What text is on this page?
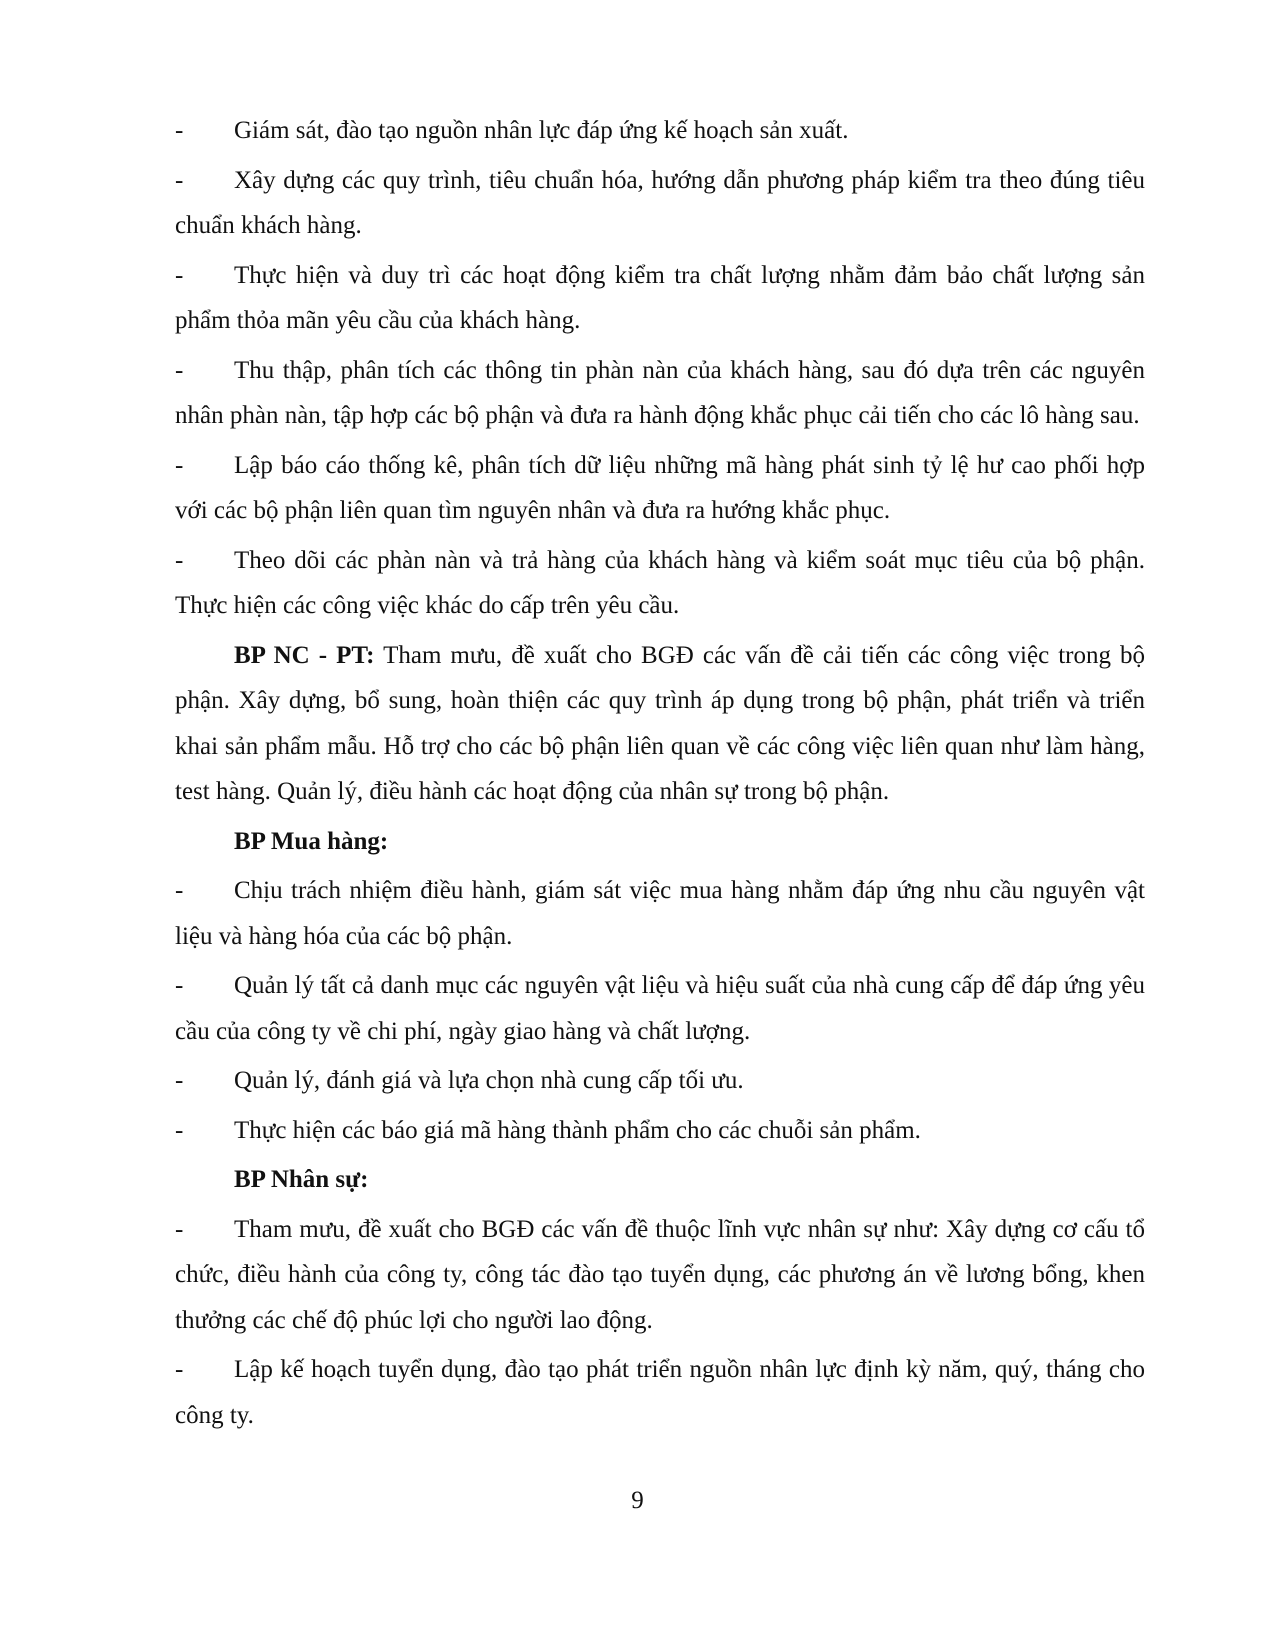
- Giám sát, đào tạo nguồn nhân lực đáp ứng kế hoạch sản xuất.

- Xây dựng các quy trình, tiêu chuẩn hóa, hướng dẫn phương pháp kiểm tra theo đúng tiêu chuẩn khách hàng.

- Thực hiện và duy trì các hoạt động kiểm tra chất lượng nhằm đảm bảo chất lượng sản phẩm thỏa mãn yêu cầu của khách hàng.

- Thu thập, phân tích các thông tin phàn nàn của khách hàng, sau đó dựa trên các nguyên nhân phàn nàn, tập hợp các bộ phận và đưa ra hành động khắc phục cải tiến cho các lô hàng sau.

- Lập báo cáo thống kê, phân tích dữ liệu những mã hàng phát sinh tỷ lệ hư cao phối hợp với các bộ phận liên quan tìm nguyên nhân và đưa ra hướng khắc phục.

- Theo dõi các phàn nàn và trả hàng của khách hàng và kiểm soát mục tiêu của bộ phận. Thực hiện các công việc khác do cấp trên yêu cầu.

BP NC - PT: Tham mưu, đề xuất cho BGĐ các vấn đề cải tiến các công việc trong bộ phận. Xây dựng, bổ sung, hoàn thiện các quy trình áp dụng trong bộ phận, phát triển và triển khai sản phẩm mẫu. Hỗ trợ cho các bộ phận liên quan về các công việc liên quan như làm hàng, test hàng. Quản lý, điều hành các hoạt động của nhân sự trong bộ phận.

BP Mua hàng:

- Chịu trách nhiệm điều hành, giám sát việc mua hàng nhằm đáp ứng nhu cầu nguyên vật liệu và hàng hóa của các bộ phận.

- Quản lý tất cả danh mục các nguyên vật liệu và hiệu suất của nhà cung cấp để đáp ứng yêu cầu của công ty về chi phí, ngày giao hàng và chất lượng.

- Quản lý, đánh giá và lựa chọn nhà cung cấp tối ưu.

- Thực hiện các báo giá mã hàng thành phẩm cho các chuỗi sản phẩm.

BP Nhân sự:

- Tham mưu, đề xuất cho BGĐ các vấn đề thuộc lĩnh vực nhân sự như: Xây dựng cơ cấu tổ chức, điều hành của công ty, công tác đào tạo tuyển dụng, các phương án về lương bổng, khen thưởng các chế độ phúc lợi cho người lao động.

- Lập kế hoạch tuyển dụng, đào tạo phát triển nguồn nhân lực định kỳ năm, quý, tháng cho công ty.

9
